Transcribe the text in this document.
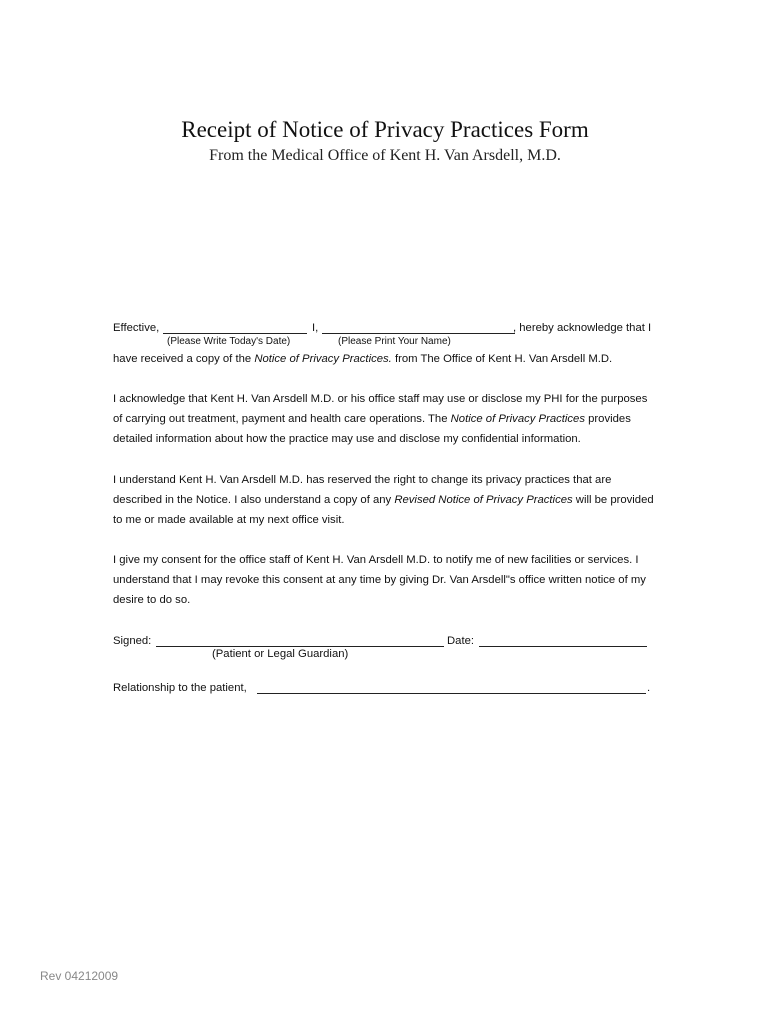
Receipt of Notice of Privacy Practices Form
From the Medical Office of Kent H. Van Arsdell, M.D.
Effective,	I,	, hereby acknowledge that I
(Please Write Today's Date)	(Please Print Your Name)
have received a copy of the Notice of Privacy Practices. from The Office of Kent H. Van Arsdell M.D.
I acknowledge that Kent H. Van Arsdell M.D. or his office staff may use or disclose my PHI for the purposes
of carrying out treatment, payment and health care operations. The Notice of Privacy Practices provides
detailed information about how the practice may use and disclose my confidential information.
I understand Kent H. Van Arsdell M.D. has reserved the right to change its privacy practices that are
described in the Notice. I also understand a copy of any Revised Notice of Privacy Practices will be provided
to me or made available at my next office visit.
I give my consent for the office staff of Kent H. Van Arsdell M.D. to notify me of new facilities or services. I
understand that I may revoke this consent at any time by giving Dr. Van Arsdell"s office written notice of my
desire to do so.
Signed:	Date:
(Patient or Legal Guardian)
Relationship to the patient,	.
Rev 04212009
